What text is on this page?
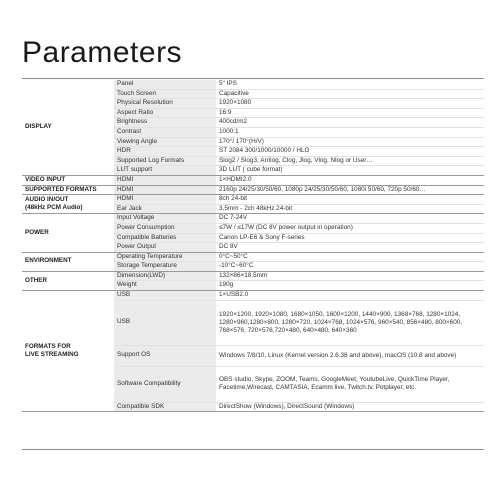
Parameters
DISPLAY	Panel	5" IPS
	Touch Screen	Capacitive
	Physical Resolution	1920×1080
	Aspect Ratio	16:9
	Brightness	400cd/m2
	Contrast	1000:1
	Viewing Angle	170°/ 170°(H/V)
	HDR	ST 2084 300/1000/10000 / HLG
	Supported Log Formats	Slog2 / Slog3, Arrilog, Clog, Jlog, Vlog, Nlog or User…
	LUT support	3D LUT ( cube format)
VIDEO INPUT	HDMI	1×HDMI2.0
SUPPORTED FORMATS	HDMI	2160p 24/25/30/50/60, 1080p 24/25/30/50/60, 1080i 50/60, 720p 50/60…
AUDIO IN/OUT
(48kHz PCM Audio)	HDMI	8ch 24-bit
	Ear Jack	3.5mm - 2ch 48kHz 24-bit
POWER	Input Voltage	DC 7-24V
	Power Consumption	≤7W / ≤17W (DC 8V power output in operation)
	Compatible Batteries	Canon LP-E6 & Sony F-series
	Power Output	DC 8V
ENVIRONMENT	Operating Temperature	0°C~50°C
	Storage Temperature	-10°C~60°C
OTHER	Dimension(LWD)	132×86×18.5mm
	Weight	190g
FORMATS FOR
LIVE STREAMING	USB	1×USB2.0
	USB	1920×1200, 1920×1080, 1680×1050, 1600×1200, 1440×900, 1368×768, 1280×1024, 1280×960,1280×800, 1280×720, 1024×768, 1024×576, 960×540, 856×480, 800×600, 768×576, 720×576,720×480, 640×480, 640×360
	Support OS	Windows 7/8/10, Linux (Kernel version 2.6.38 and above), macOS (10.8 and above)
	Software Compatibility	OBS studio, Skype, ZOOM, Teams, GoogleMeet, YoutubeLive, QuickTime Player, Facetime,Wirecast, CAMTASIA, Ecamm live, Twitch.tv, Potplayer, etc.
	Compatible SDK	DirectShow (Windows), DirectSound (Windows)
